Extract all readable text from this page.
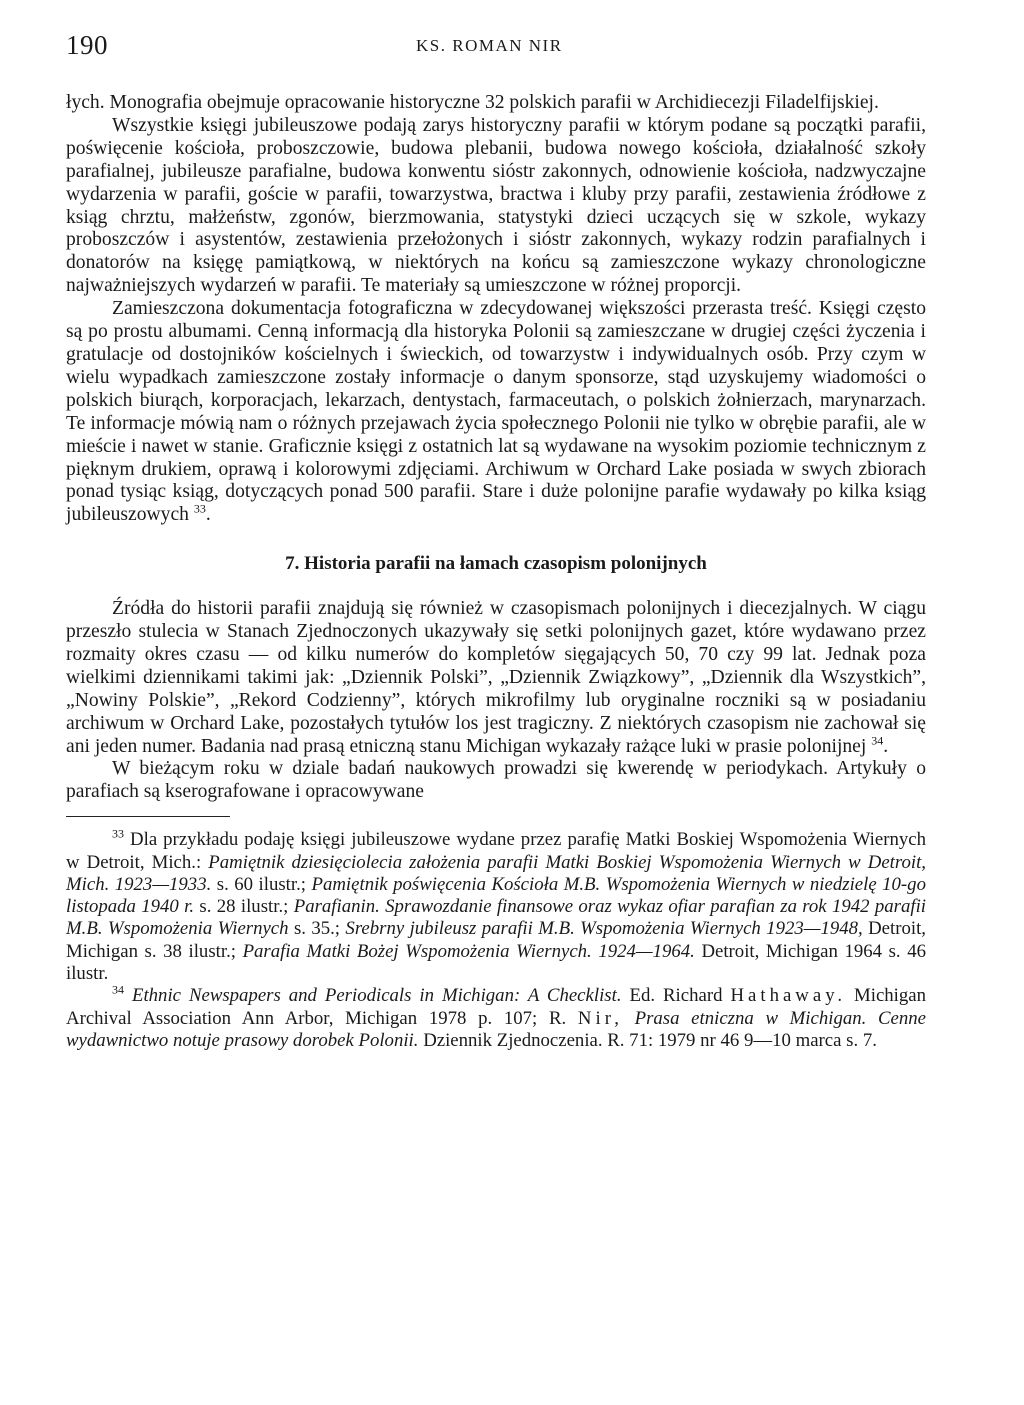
190	KS. ROMAN NIR

łych. Monografia obejmuje opracowanie historyczne 32 polskich parafii w Archidiecezji Filadelfijskiej.

Wszystkie księgi jubileuszowe podają zarys historyczny parafii w którym podane są początki parafii, poświęcenie kościoła, proboszczowie, budowa plebanii, budowa nowego kościoła, działalność szkoły parafialnej, jubileusze parafialne, budowa konwentu sióstr zakonnych, odnowienie kościoła, nadzwyczajne wydarzenia w parafii, goście w parafii, towarzystwa, bractwa i kluby przy parafii, zestawienia źródłowe z ksiąg chrztu, małżeństw, zgonów, bierzmowania, statystyki dzieci uczących się w szkole, wykazy proboszczów i asystentów, zestawienia przełożonych i sióstr zakonnych, wykazy rodzin parafialnych i donatorów na księgę pamiątkową, w niektórych na końcu są zamieszczone wykazy chronologiczne najważniejszych wydarzeń w parafii. Te materiały są umieszczone w różnej proporcji.

Zamieszczona dokumentacja fotograficzna w zdecydowanej większości przerasta treść. Księgi często są po prostu albumami. Cenną informacją dla historyka Polonii są zamieszczane w drugiej części życzenia i gratulacje od dostojników kościelnych i świeckich, od towarzystw i indywidualnych osób. Przy czym w wielu wypadkach zamieszczone zostały informacje o danym sponsorze, stąd uzyskujemy wiadomości o polskich biurąch, korporacjach, lekarzach, dentystach, farmaceutach, o polskich żołnierzach, marynarzach. Te informacje mówią nam o różnych przejawach życia społecznego Polonii nie tylko w obrębie parafii, ale w mieście i nawet w stanie. Graficznie księgi z ostatnich lat są wydawane na wysokim poziomie technicznym z pięknym drukiem, oprawą i kolorowymi zdjęciami. Archiwum w Orchard Lake posiada w swych zbiorach ponad tysiąc ksiąg, dotyczących ponad 500 parafii. Stare i duże polonijne parafie wydawały po kilka ksiąg jubileuszowych $^{33}$.

7. Historia parafii na łamach czasopism polonijnych

Źródła do historii parafii znajdują się również w czasopismach polonijnych i diecezjalnych. W ciągu przeszło stulecia w Stanach Zjednoczonych ukazywały się setki polonijnych gazet, które wydawano przez rozmaity okres czasu — od kilku numerów do kompletów sięgających 50, 70 czy 99 lat. Jednak poza wielkimi dziennikami takimi jak: „Dziennik Polski”, „Dziennik Związkowy”, „Dziennik dla Wszystkich”, „Nowiny Polskie”, „Rekord Codzienny”, których mikrofilmy lub oryginalne roczniki są w posiadaniu archiwum w Orchard Lake, pozostałych tytułów los jest tragiczny. Z niektórych czasopism nie zachował się ani jeden numer. Badania nad prasą etniczną stanu Michigan wykazały rażące luki w prasie polonijnej $^{34}$.

W bieżącym roku w dziale badań naukowych prowadzi się kwerendę w periodykach. Artykuły o parafiach są kserografowane i opracowywane

$^{33}$ Dla przykładu podaję księgi jubileuszowe wydane przez parafię Matki Boskiej Wspomożenia Wiernych w Detroit, Mich.: Pamiętnik dziesięciolecia założenia parafii Matki Boskiej Wspomożenia Wiernych w Detroit, Mich. 1923—1933. s. 60 ilustr.; Pamiętnik poświęcenia Kościoła M.B. Wspomożenia Wiernych w niedzielę 10-go listopada 1940 r. s. 28 ilustr.; Parafianin. Sprawozdanie finansowe oraz wykaz ofiar parafian za rok 1942 parafii M.B. Wspomożenia Wiernych s. 35.; Srebrny jubileusz parafii M.B. Wspomożenia Wiernych 1923—1948, Detroit, Michigan s. 38 ilustr.; Parafia Matki Bożej Wspomożenia Wiernych. 1924—1964. Detroit, Michigan 1964 s. 46 ilustr.

$^{34}$ Ethnic Newspapers and Periodicals in Michigan: A Checklist. Ed. Richard Hathaway. Michigan Archival Association Ann Arbor, Michigan 1978 p. 107; R. Nir, Prasa etniczna w Michigan. Cenne wydawnictwo notuje prasowy dorobek Polonii. Dziennik Zjednoczenia. R. 71: 1979 nr 46 9—10 marca s. 7.
